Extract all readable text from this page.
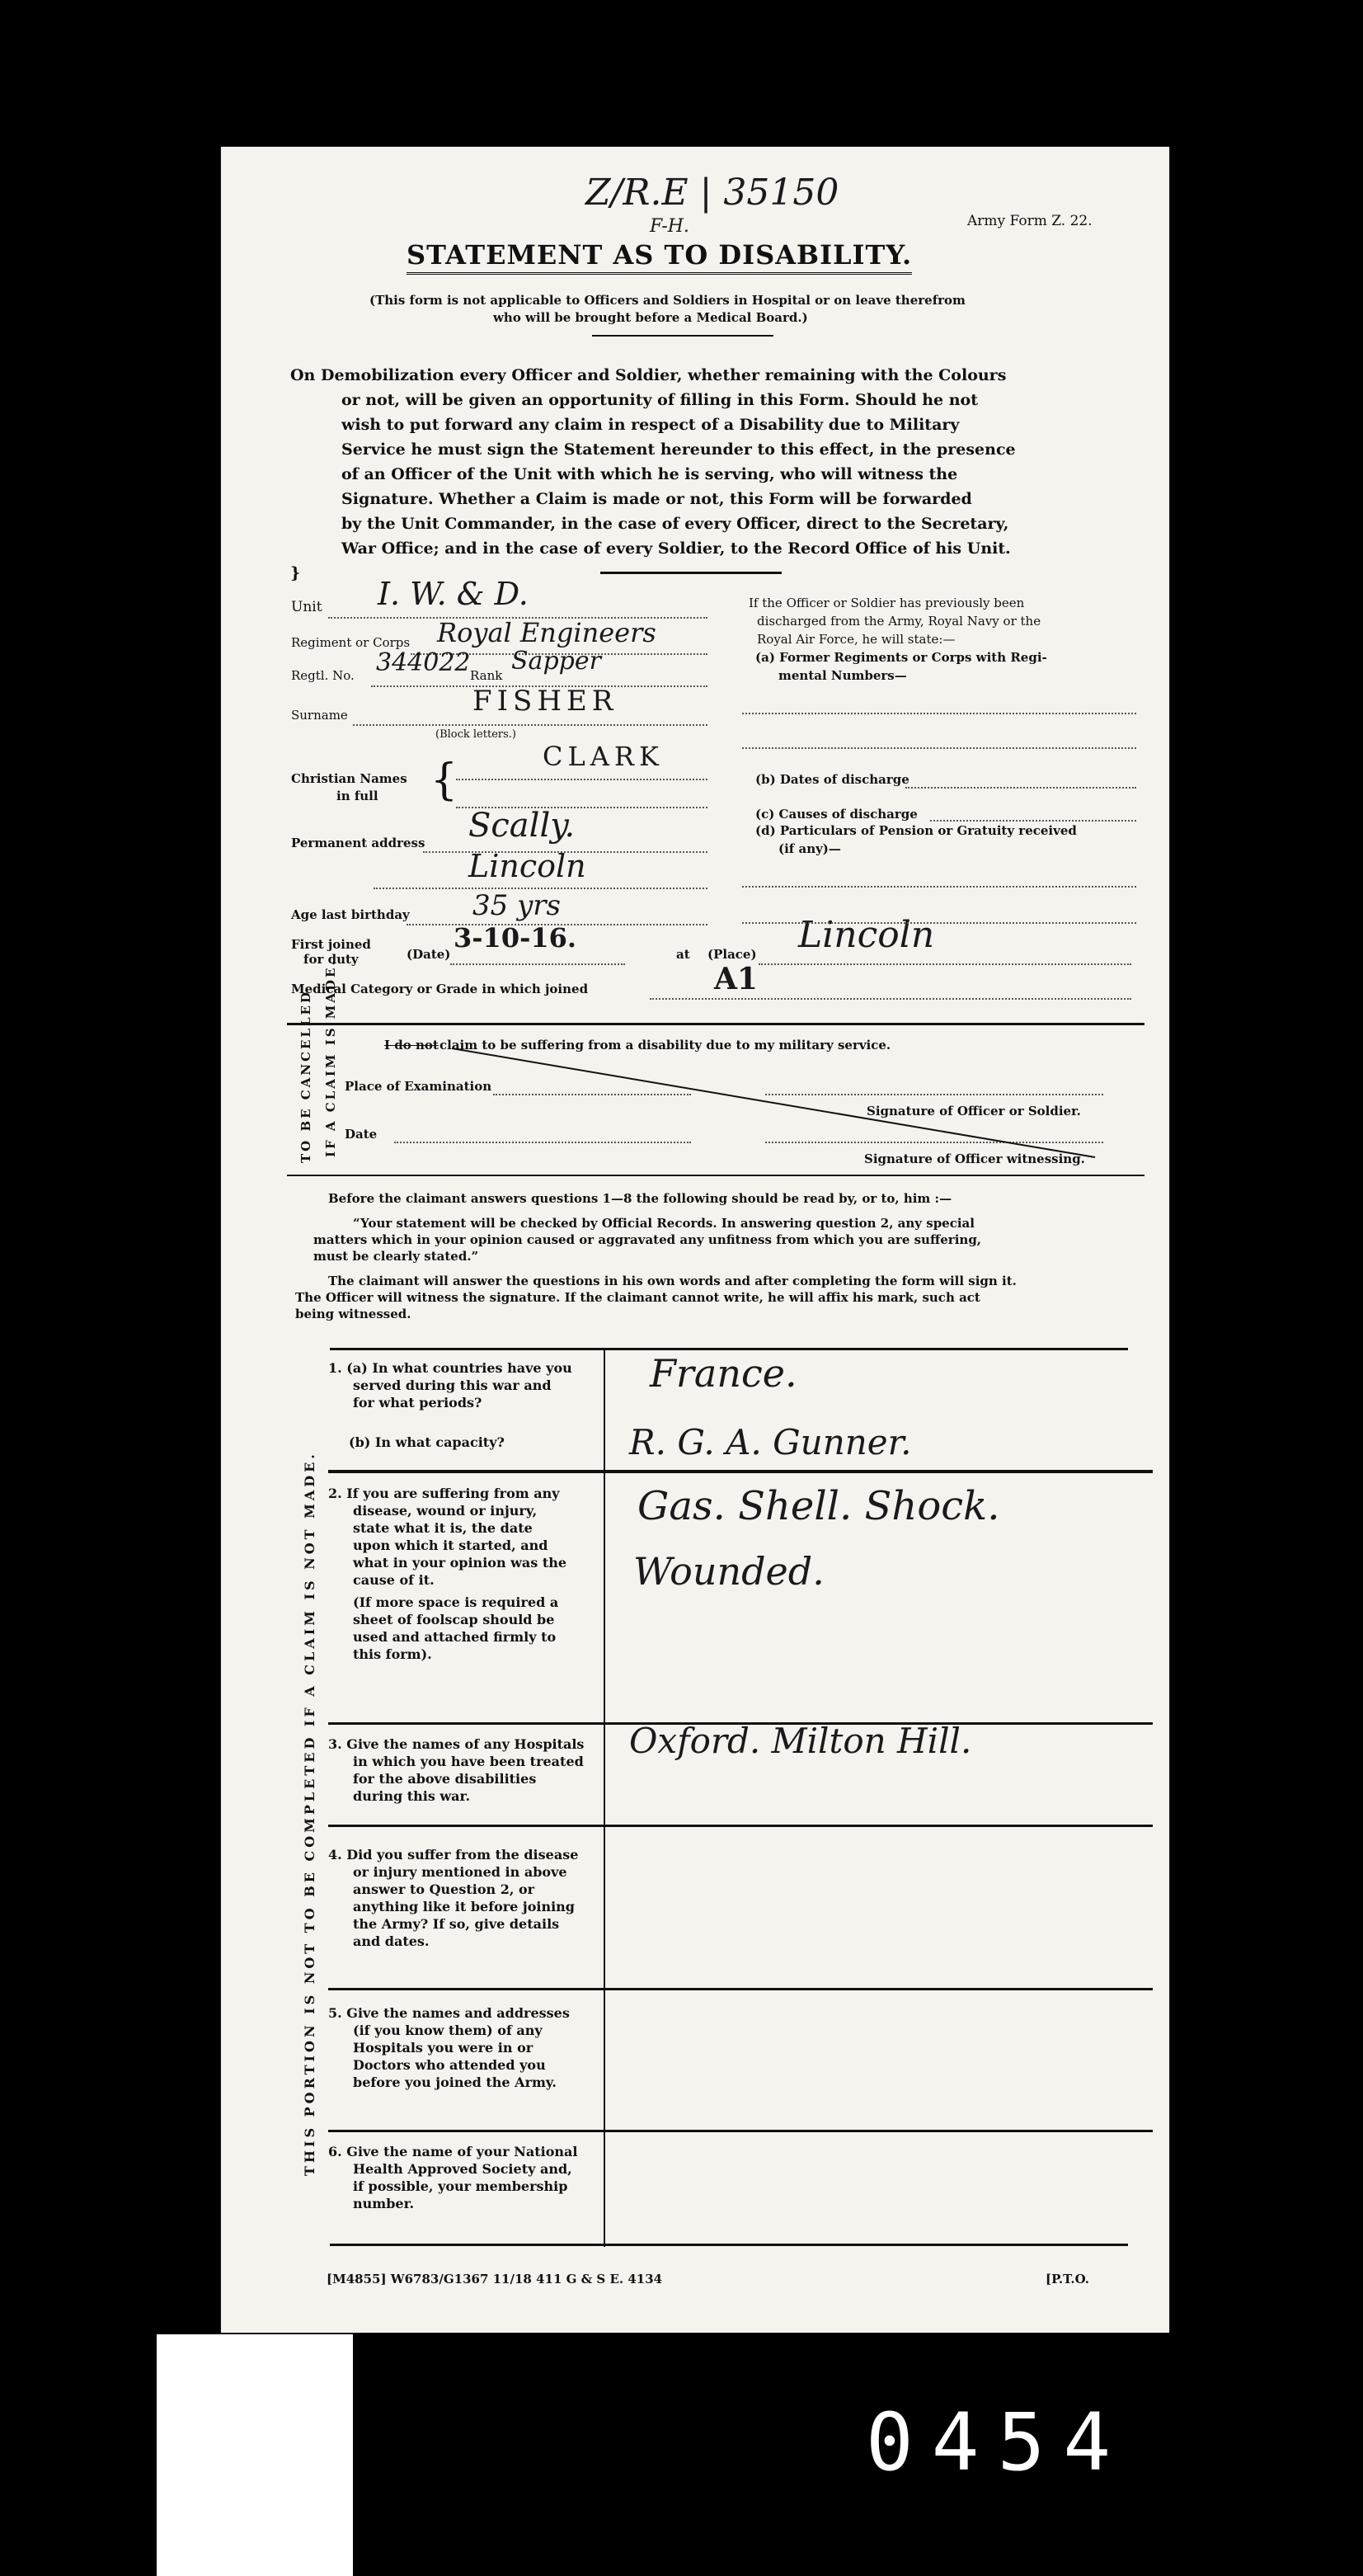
0454
Z/R.E | 35150
F-H.	Army Form Z. 22.
STATEMENT AS TO DISABILITY.
(This form is not applicable to Officers and Soldiers in Hospital or on leave therefrom
who will be brought before a Medical Board.)
On Demobilization every Officer and Soldier, whether remaining with the Colours
or not, will be given an opportunity of filling in this Form. Should he not
wish to put forward any claim in respect of a Disability due to Military
Service he must sign the Statement hereunder to this effect, in the presence
of an Officer of the Unit with which he is serving, who will witness the
Signature. Whether a Claim is made or not, this Form will be forwarded
by the Unit Commander, in the case of every Officer, direct to the Secretary,
War Office; and in the case of every Soldier, to the Record Office of his Unit.
}
Unit I. W. & D.
Regiment or Corps Royal Engineers
Regtl. No. 344022 Rank Sapper
Surname	FISHER
(Block letters.)
Christian Names
in full {	CLARK
Permanent address Scally.
Lincoln
Age last birthday 35 yrs
First joined
for duty	(Date)
3-10-16.
at (Place) Lincoln
Medical Category or Grade in which joined	A1
If the Officer or Soldier has previously been
discharged from the Army, Royal Navy or the
Royal Air Force, he will state:—
(a) Former Regiments or Corps with Regi-
mental Numbers—
(b) Dates of discharge
(c) Causes of discharge
(d) Particulars of Pension or Gratuity received
(if any)—
TO BE CANCELLED IF A CLAIM IS MADE.	I do not claim to be suffering from a disability due to my military service.
Place of Examination
Signature of Officer or Soldier.
Date
Signature of Officer witnessing.
Before the claimant answers questions 1—8 the following should be read by, or to, him :—
“Your statement will be checked by Official Records. In answering question 2, any special
matters which in your opinion caused or aggravated any unfitness from which you are suffering,
must be clearly stated.”
The claimant will answer the questions in his own words and after completing the form will sign it.
The Officer will witness the signature. If the claimant cannot write, he will affix his mark, such act
being witnessed.
THIS PORTION IS NOT TO BE COMPLETED IF A CLAIM IS NOT MADE.
1. (a) In what countries have you
served during this war and
for what periods?
France.
(b) In what capacity?	R. G. A. Gunner.
2. If you are suffering from any
disease, wound or injury,
state what it is, the date
upon which it started, and
what in your opinion was the
cause of it.
(If more space is required a
sheet of foolscap should be
used and attached firmly to
this form).
Gas. Shell. Shock.
Wounded.
3. Give the names of any Hospitals
in which you have been treated
for the above disabilities
during this war.
Oxford. Milton Hill.
4. Did you suffer from the disease
or injury mentioned in above
answer to Question 2, or
anything like it before joining
the Army? If so, give details
and dates.
5. Give the names and addresses
(if you know them) of any
Hospitals you were in or
Doctors who attended you
before you joined the Army.
6. Give the name of your National
Health Approved Society and,
if possible, your membership
number.
[M4855] W6783/G1367 11/18 411 G & S E. 4134	[P.T.O.
